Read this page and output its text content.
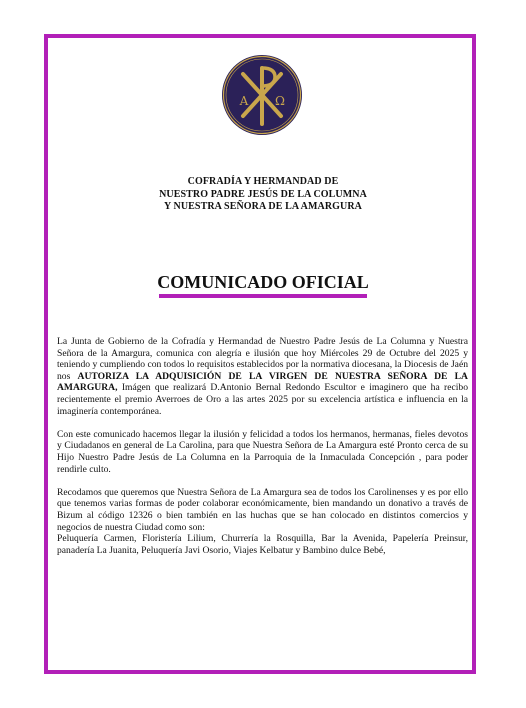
A Ω
COFRADÍA Y HERMANDAD DE
NUESTRO PADRE JESÚS DE LA COLUMNA
Y NUESTRA SEÑORA DE LA AMARGURA
COMUNICADO OFICIAL

La Junta de Gobierno de la Cofradía y Hermandad de Nuestro Padre Jesús de La Columna y Nuestra Señora de la Amargura, comunica con alegría e ilusión que hoy Miércoles 29 de Octubre del 2025 y teniendo y cumpliendo con todos lo requisitos establecidos por la normativa diocesana, la Diocesis de Jaén nos AUTORIZA LA ADQUISICIÓN DE LA VIRGEN DE NUESTRA SEÑORA DE LA AMARGURA, Imágen que realizará D.Antonio Bernal Redondo Escultor e imaginero que ha recibo recientemente el premio Averroes de Oro a las artes 2025 por su excelencia artística e influencia en la imaginería contemporánea.

Con este comunicado hacemos llegar la ilusión y felicidad a todos los hermanos, hermanas, fieles devotos y Ciudadanos en general de La Carolina, para que Nuestra Señora de La Amargura esté Pronto cerca de su Hijo Nuestro Padre Jesús de La Columna en la Parroquia de la Inmaculada Concepción , para poder rendirle culto.

Recodamos que queremos que Nuestra Señora de La Amargura sea de todos los Carolinenses y es por ello que tenemos varias formas de poder colaborar económicamente, bien mandando un donativo a través de Bizum al código 12326 o bien también en las huchas que se han colocado en distintos comercios y negocios de nuestra Ciudad como son:

Peluquería Carmen, Floristería Lilium, Churrería la Rosquilla, Bar la Avenida, Papelería Preinsur, panadería La Juanita, Peluquería Javi Osorio, Viajes Kelbatur y Bambino dulce Bebé,
